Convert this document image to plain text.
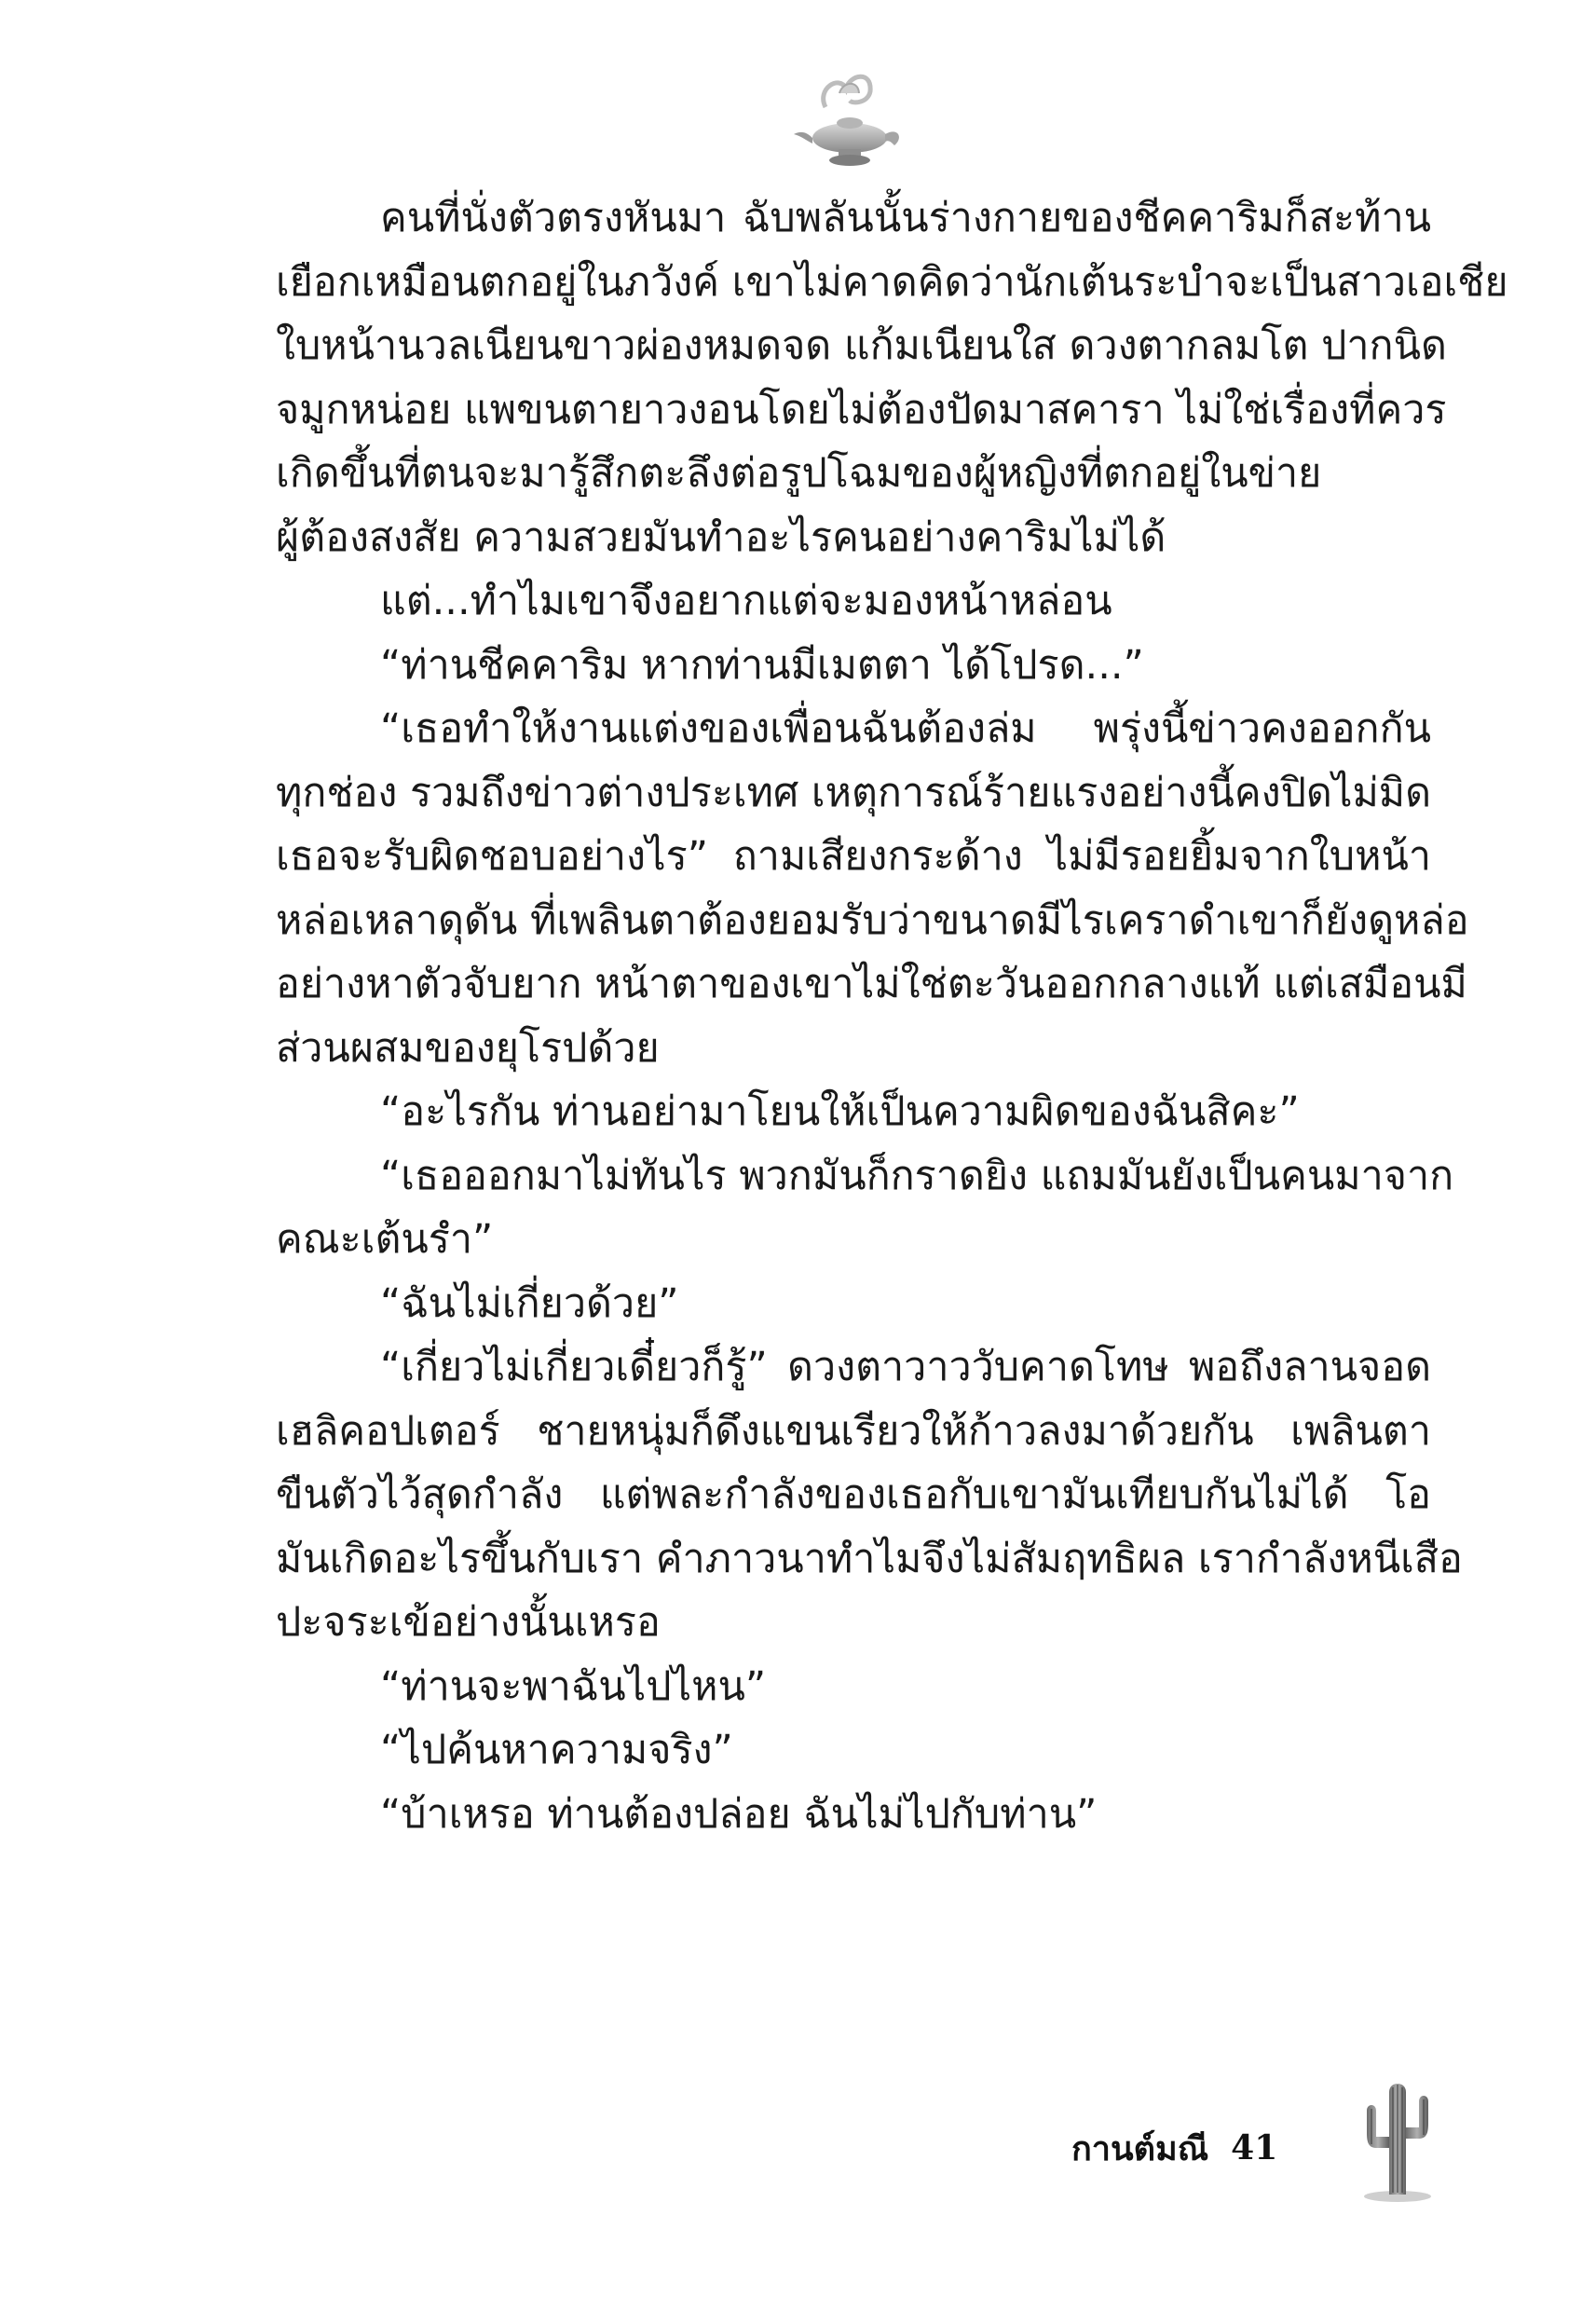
คนที่นั่งตัวตรงหันมา ฉับพลันนั้นร่างกายของชีคคาริมก็สะท้าน
เยือกเหมือนตกอยู่ในภวังค์ เขาไม่คาดคิดว่านักเต้นระบำจะเป็นสาวเอเชีย
ใบหน้านวลเนียนขาวผ่องหมดจด แก้มเนียนใส ดวงตากลมโต ปากนิด
จมูกหน่อย แพขนตายาวงอนโดยไม่ต้องปัดมาสคารา ไม่ใช่เรื่องที่ควร
เกิดขึ้นที่ตนจะมารู้สึกตะลึงต่อรูปโฉมของผู้หญิงที่ตกอยู่ในข่าย
ผู้ต้องสงสัย ความสวยมันทำอะไรคนอย่างคาริมไม่ได้
แต่...ทำไมเขาจึงอยากแต่จะมองหน้าหล่อน
“ท่านชีคคาริม หากท่านมีเมตตา ได้โปรด...”
“เธอทำให้งานแต่งของเพื่อนฉันต้องล่ม พรุ่งนี้ข่าวคงออกกัน
ทุกช่อง รวมถึงข่าวต่างประเทศ เหตุการณ์ร้ายแรงอย่างนี้คงปิดไม่มิด
เธอจะรับผิดชอบอย่างไร” ถามเสียงกระด้าง ไม่มีรอยยิ้มจากใบหน้า
หล่อเหลาดุดัน ที่เพลินตาต้องยอมรับว่าขนาดมีไรเคราดำเขาก็ยังดูหล่อ
อย่างหาตัวจับยาก หน้าตาของเขาไม่ใช่ตะวันออกกลางแท้ แต่เสมือนมี
ส่วนผสมของยุโรปด้วย
“อะไรกัน ท่านอย่ามาโยนให้เป็นความผิดของฉันสิคะ”
“เธอออกมาไม่ทันไร พวกมันก็กราดยิง แถมมันยังเป็นคนมาจาก
คณะเต้นรำ”
“ฉันไม่เกี่ยวด้วย”
“เกี่ยวไม่เกี่ยวเดี๋ยวก็รู้” ดวงตาวาววับคาดโทษ พอถึงลานจอด
เฮลิคอปเตอร์ ชายหนุ่มก็ดึงแขนเรียวให้ก้าวลงมาด้วยกัน เพลินตา
ขืนตัวไว้สุดกำลัง แต่พละกำลังของเธอกับเขามันเทียบกันไม่ได้ โอ
มันเกิดอะไรขึ้นกับเรา คำภาวนาทำไมจึงไม่สัมฤทธิผล เรากำลังหนีเสือ
ปะจระเข้อย่างนั้นเหรอ
“ท่านจะพาฉันไปไหน”
“ไปค้นหาความจริง”
“บ้าเหรอ ท่านต้องปล่อย ฉันไม่ไปกับท่าน”
กานต์มณี 41
